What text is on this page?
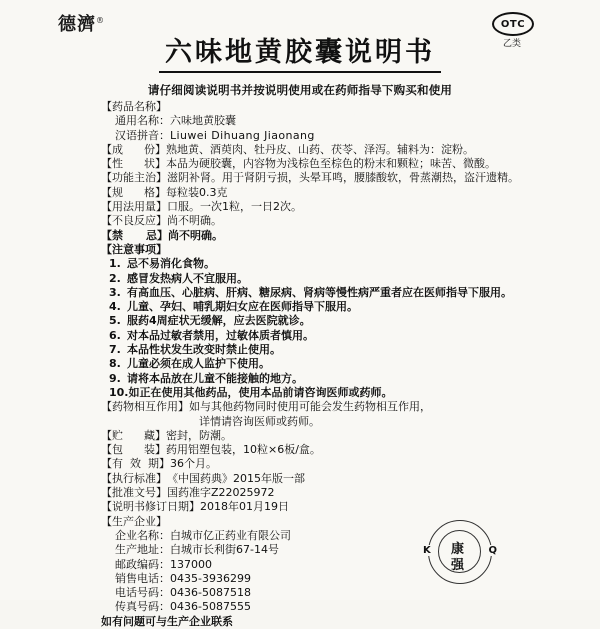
德濟®	OTC
乙类
六味地黄胶囊说明书
请仔细阅读说明书并按说明使用或在药师指导下购买和使用
【药品名称】
通用名称： 六味地黄胶囊
汉语拼音： Liuwei Dihuang Jiaonang
【成      份】 熟地黄、酒萸肉、牡丹皮、山药、茯苓、泽泻。辅料为：淀粉。
【性      状】 本品为硬胶囊，内容物为浅棕色至棕色的粉末和颗粒；味苦、微酸。
【功能主治】 滋阴补肾。用于肾阴亏损，头晕耳鸣，腰膝酸软，骨蒸潮热，盗汗遗精。
【规      格】 每粒装0.3克
【用法用量】 口服。一次1粒，一日2次。
【不良反应】 尚不明确。
【禁      忌】 尚不明确。
【注意事项】
1. 忌不易消化食物。
2. 感冒发热病人不宜服用。
3. 有高血压、心脏病、肝病、糖尿病、肾病等慢性病严重者应在医师指导下服用。
4. 儿童、孕妇、哺乳期妇女应在医师指导下服用。
5. 服药4周症状无缓解，应去医院就诊。
6. 对本品过敏者禁用，过敏体质者慎用。
7. 本品性状发生改变时禁止使用。
8. 儿童必须在成人监护下使用。
9. 请将本品放在儿童不能接触的地方。
10. 如正在使用其他药品，使用本品前请咨询医师或药师。
【药物相互作用】 如与其他药物同时使用可能会发生药物相互作用，
详情请咨询医师或药师。
【贮      藏】 密封，防潮。
【包      装】 药用铝塑包装，10粒×6板/盒。
【有  效  期】 36个月。
【执行标准】 《中国药典》2015年版一部
【批准文号】 国药准字Z22025972
【说明书修订日期】 2018年01月19日
【生产企业】
企业名称： 白城市亿正药业有限公司
生产地址： 白城市长利街67-14号
邮政编码： 137000
销售电话： 0435-3936299
电话号码： 0436-5087518
传真号码： 0436-5087555
如有问题可与生产企业联系
K	Q
康
强
